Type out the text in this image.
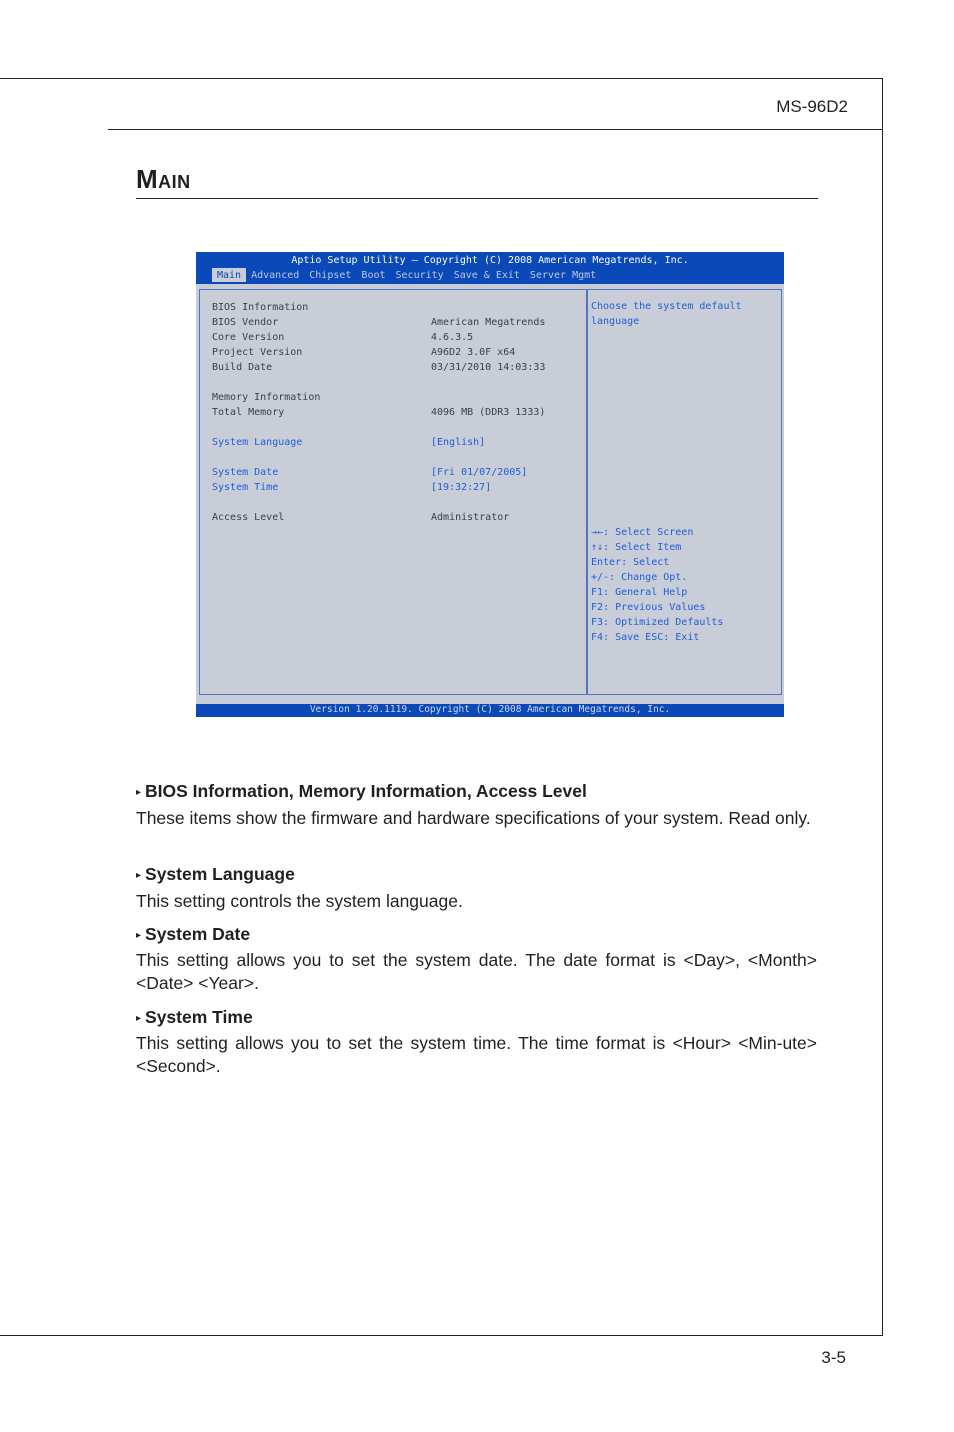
MS-96D2
Main
Aptio Setup Utility – Copyright (C) 2008 American Megatrends, Inc.
Main	Advanced	Chipset	Boot	Security	Save & Exit	Server Mgmt
BIOS Information
BIOS Vendor	American Megatrends
Core Version	4.6.3.5
Project Version	A96D2 3.0F x64
Build Date	03/31/2010 14:03:33
Memory Information
Total Memory	4096 MB (DDR3 1333)
System Language	[English]
System Date	[Fri 01/07/2005]
System Time	[19:32:27]
Access Level	Administrator
Choose the system default
language
→←: Select Screen
↑↓: Select Item
Enter: Select
+/-: Change Opt.
F1: General Help
F2: Previous Values
F3: Optimized Defaults
F4: Save ESC: Exit
Version 1.20.1119. Copyright (C) 2008 American Megatrends, Inc.
▸ BIOS Information, Memory Information, Access Level

These items show the firmware and hardware specifications of your system. Read only.

▸ System Language

This setting controls the system language.

▸ System Date

This setting allows you to set the system date. The date format is <Day>, <Month> <Date> <Year>.

▸ System Time

This setting allows you to set the system time. The time format is <Hour> <Min-ute> <Second>.

3-5
